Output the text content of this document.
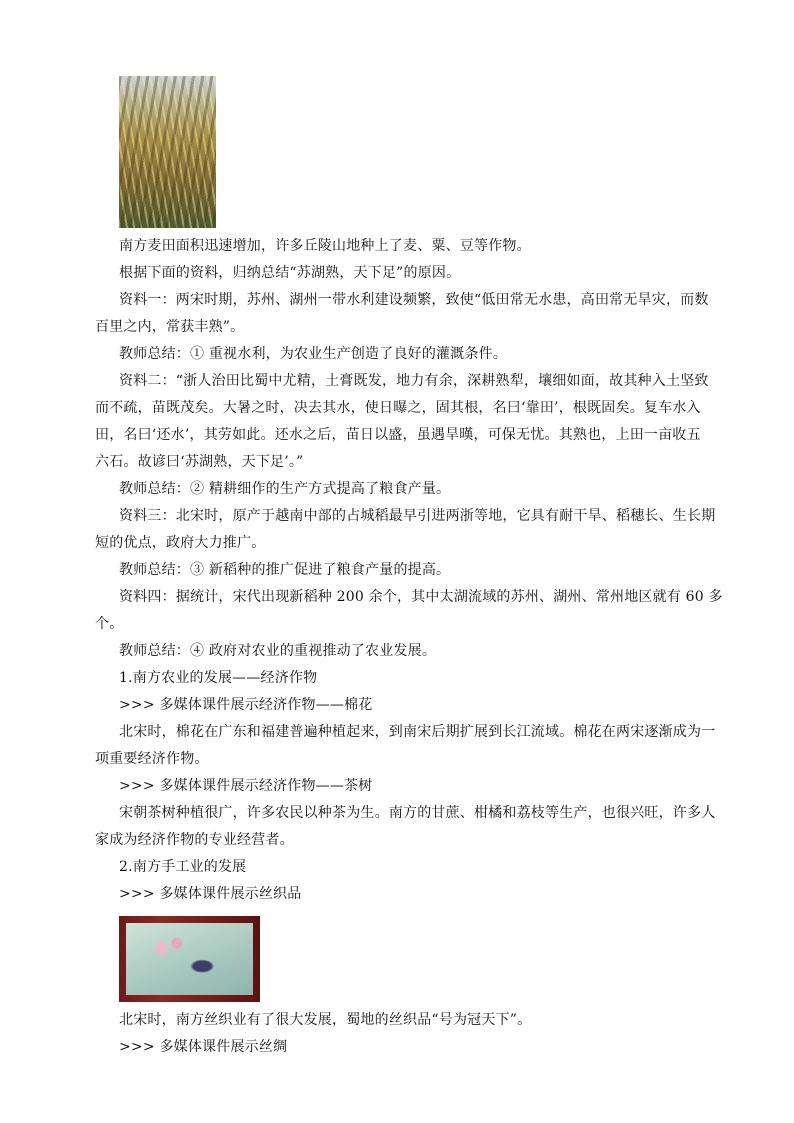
南方麦田面积迅速增加，许多丘陵山地种上了麦、粟、豆等作物。
根据下面的资料，归纳总结“苏湖熟，天下足”的原因。
资料一：两宋时期，苏州、湖州一带水利建设频繁，致使“低田常无水患，高田常无旱灾，而数
百里之内，常获丰熟”。
教师总结：① 重视水利，为农业生产创造了良好的灌溉条件。
资料二：“浙人治田比蜀中尤精，土膏既发，地力有余，深耕熟犁，壤细如面，故其种入土坚致
而不疏，苗既茂矣。大暑之时，决去其水，使日曝之，固其根，名曰‘靠田’，根既固矣。复车水入
田，名曰‘还水’，其劳如此。还水之后，苗日以盛，虽遇旱暵，可保无忧。其熟也，上田一亩收五
六石。故谚曰‘苏湖熟，天下足’。”
教师总结：② 精耕细作的生产方式提高了粮食产量。
资料三：北宋时，原产于越南中部的占城稻最早引进两浙等地，它具有耐干旱、稻穗长、生长期
短的优点，政府大力推广。
教师总结：③ 新稻种的推广促进了粮食产量的提高。
资料四：据统计，宋代出现新稻种 200 余个，其中太湖流域的苏州、湖州、常州地区就有 60 多
个。
教师总结：④ 政府对农业的重视推动了农业发展。
1.南方农业的发展——经济作物
>>> 多媒体课件展示经济作物——棉花
北宋时，棉花在广东和福建普遍种植起来，到南宋后期扩展到长江流域。棉花在两宋逐渐成为一
项重要经济作物。
>>> 多媒体课件展示经济作物——茶树
宋朝茶树种植很广，许多农民以种茶为生。南方的甘蔗、柑橘和荔枝等生产，也很兴旺，许多人
家成为经济作物的专业经营者。
2.南方手工业的发展
>>> 多媒体课件展示丝织品
北宋时，南方丝织业有了很大发展，蜀地的丝织品“号为冠天下”。
>>> 多媒体课件展示丝绸
